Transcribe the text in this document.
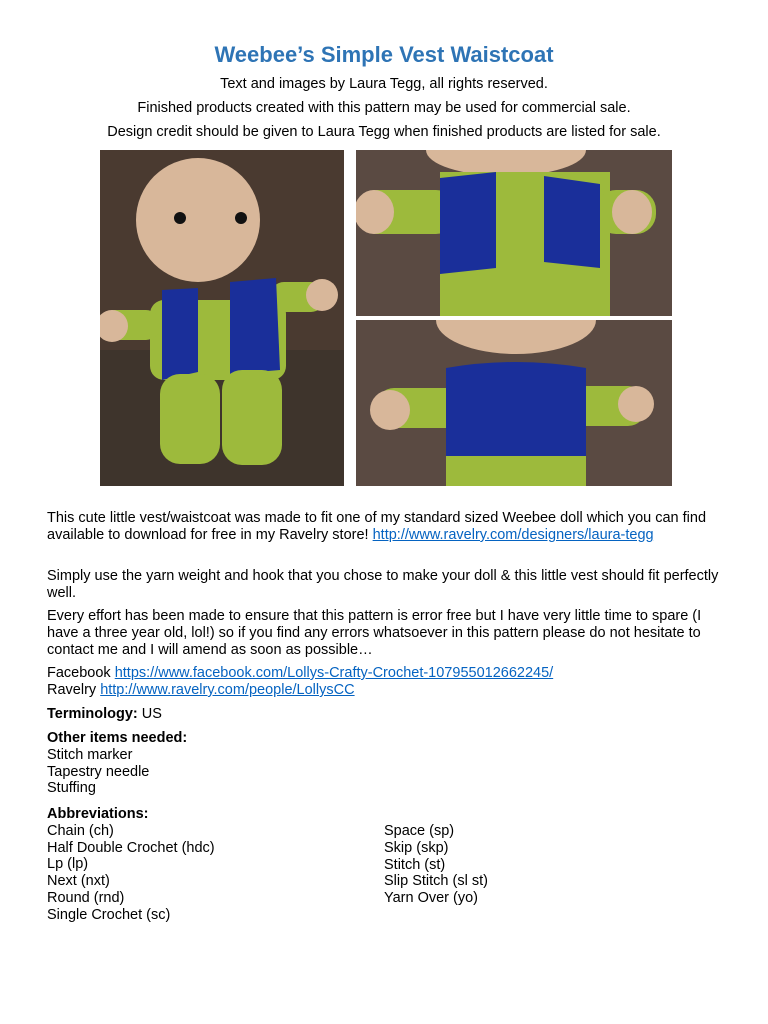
Weebee’s Simple Vest Waistcoat
Text and images by Laura Tegg, all rights reserved.
Finished products created with this pattern may be used for commercial sale.
Design credit should be given to Laura Tegg when finished products are listed for sale.
This cute little vest/waistcoat was made to fit one of my standard sized Weebee doll which you can find available to download for free in my Ravelry store! http://www.ravelry.com/designers/laura-tegg
Simply use the yarn weight and hook that you chose to make your doll & this little vest should fit perfectly well.
Every effort has been made to ensure that this pattern is error free but I have very little time to spare (I have a three year old, lol!) so if you find any errors whatsoever in this pattern please do not hesitate to contact me and I will amend as soon as possible…
Facebook https://www.facebook.com/Lollys-Crafty-Crochet-107955012662245/
Ravelry http://www.ravelry.com/people/LollysCC
Terminology: US
Other items needed:
Stitch marker
Tapestry needle
Stuffing
Abbreviations:
Chain (ch)
Half Double Crochet (hdc)
Lp (lp)
Next (nxt)
Round (rnd)
Single Crochet (sc)
Space (sp)
Skip (skp)
Stitch (st)
Slip Stitch (sl st)
Yarn Over (yo)
